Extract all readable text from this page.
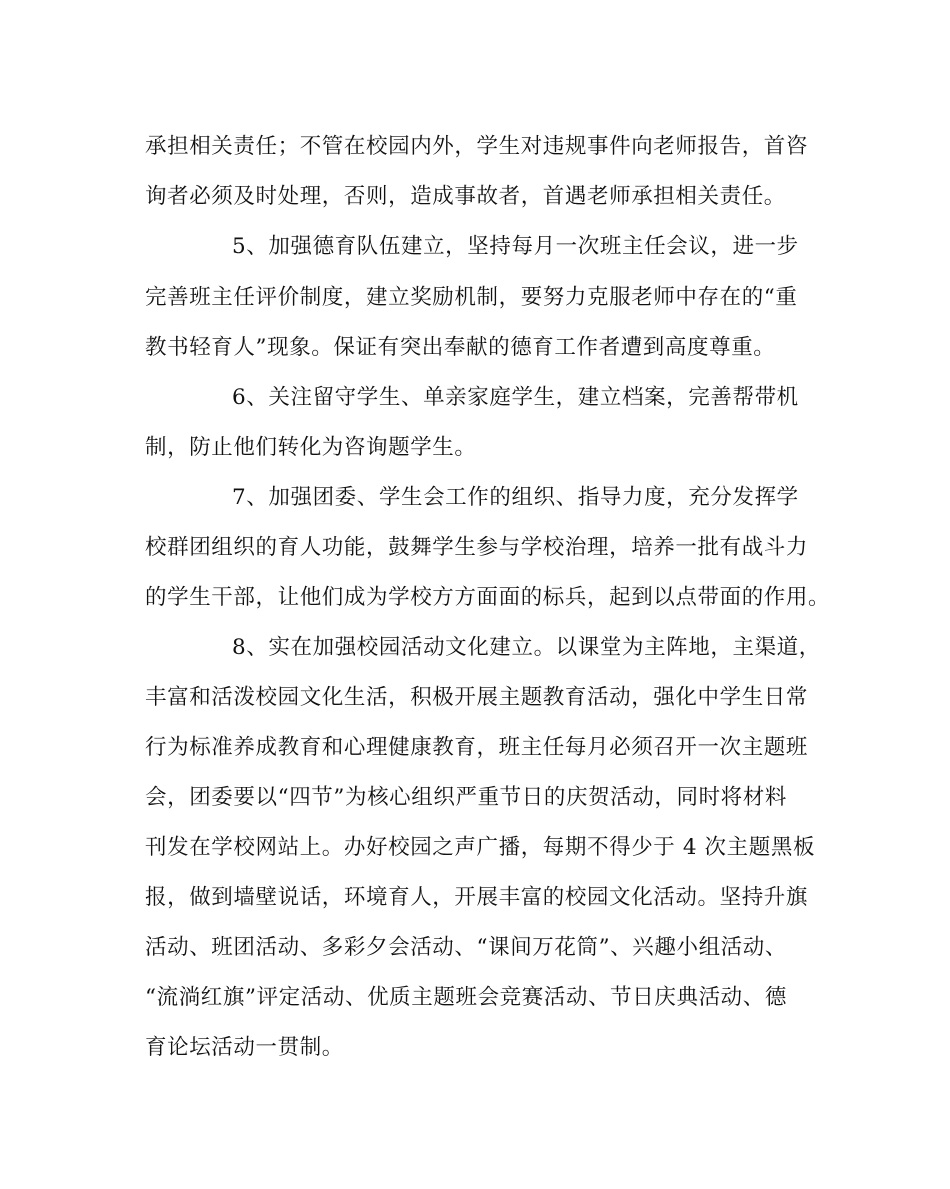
承担相关责任；不管在校园内外，学生对违规事件向老师报告，首咨
询者必须及时处理，否则，造成事故者，首遇老师承担相关责任。
5、加强德育队伍建立，坚持每月一次班主任会议，进一步
完善班主任评价制度，建立奖励机制，要努力克服老师中存在的“重
教书轻育人”现象。保证有突出奉献的德育工作者遭到高度尊重。
6、关注留守学生、单亲家庭学生，建立档案，完善帮带机
制，防止他们转化为咨询题学生。
7、加强团委、学生会工作的组织、指导力度，充分发挥学
校群团组织的育人功能，鼓舞学生参与学校治理，培养一批有战斗力
的学生干部，让他们成为学校方方面面的标兵，起到以点带面的作用。
8、实在加强校园活动文化建立。以课堂为主阵地，主渠道，
丰富和活泼校园文化生活，积极开展主题教育活动，强化中学生日常
行为标准养成教育和心理健康教育，班主任每月必须召开一次主题班
会，团委要以“四节”为核心组织严重节日的庆贺活动，同时将材料
刊发在学校网站上。办好校园之声广播，每期不得少于 4 次主题黑板
报，做到墙壁说话，环境育人，开展丰富的校园文化活动。坚持升旗
活动、班团活动、多彩夕会活动、“课间万花筒”、兴趣小组活动、
“流淌红旗”评定活动、优质主题班会竞赛活动、节日庆典活动、德
育论坛活动一贯制。
